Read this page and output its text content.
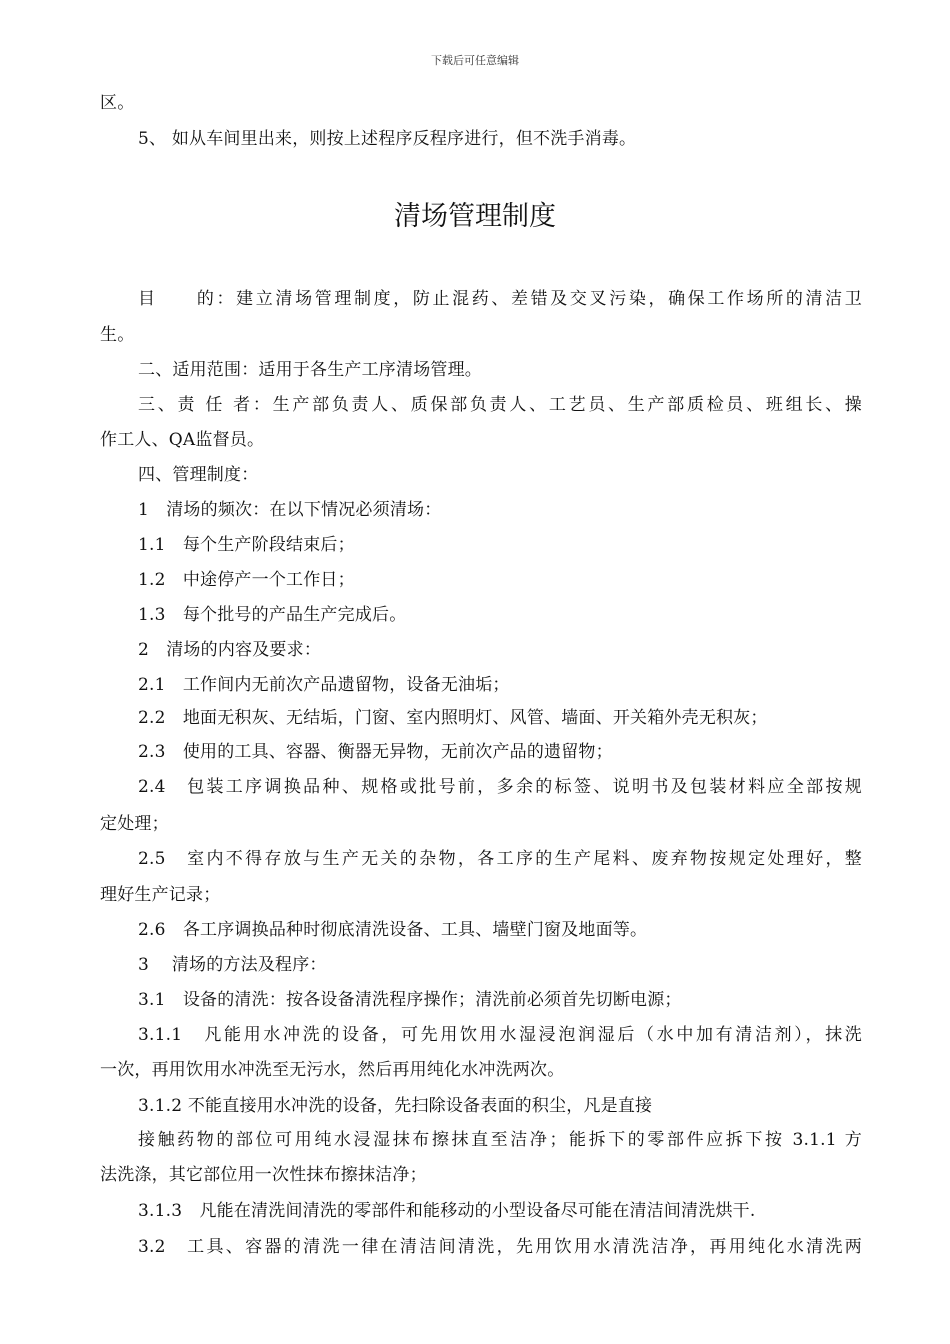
下载后可任意编辑
区。
5、 如从车间里出来，则按上述程序反程序进行，但不洗手消毒。
清场管理制度
目　　的：建立清场管理制度，防止混药、差错及交叉污染，确保工作场所的清洁卫
生。
二、适用范围：适用于各生产工序清场管理。
三、责 任 者：生产部负责人、质保部负责人、工艺员、生产部质检员、班组长、操
作工人、QA监督员。
四、管理制度：
1　清场的频次：在以下情况必须清场：
1.1　每个生产阶段结束后；
1.2　中途停产一个工作日；
1.3　每个批号的产品生产完成后。
2　清场的内容及要求：
2.1　工作间内无前次产品遗留物，设备无油垢；
2.2　地面无积灰、无结垢，门窗、室内照明灯、风管、墙面、开关箱外壳无积灰；
2.3　使用的工具、容器、衡器无异物，无前次产品的遗留物；
2.4　包装工序调换品种、规格或批号前，多余的标签、说明书及包装材料应全部按规
定处理；
2.5　室内不得存放与生产无关的杂物，各工序的生产尾料、废弃物按规定处理好，整
理好生产记录；
2.6　各工序调换品种时彻底清洗设备、工具、墙壁门窗及地面等。
3　 清场的方法及程序：
3.1　设备的清洗：按各设备清洗程序操作；清洗前必须首先切断电源；
3.1.1　凡能用水冲洗的设备，可先用饮用水湿浸泡润湿后（水中加有清洁剂），抹洗
一次，再用饮用水冲洗至无污水，然后再用纯化水冲洗两次。
3.1.2 不能直接用水冲洗的设备，先扫除设备表面的积尘，凡是直接
接触药物的部位可用纯水浸湿抹布擦抹直至洁净；能拆下的零部件应拆下按 3.1.1 方
法洗涤，其它部位用一次性抹布擦抹洁净；
3.1.3　凡能在清洗间清洗的零部件和能移动的小型设备尽可能在清洁间清洗烘干.
3.2　工具、容器的清洗一律在清洁间清洗，先用饮用水清洗洁净，再用纯化水清洗两
